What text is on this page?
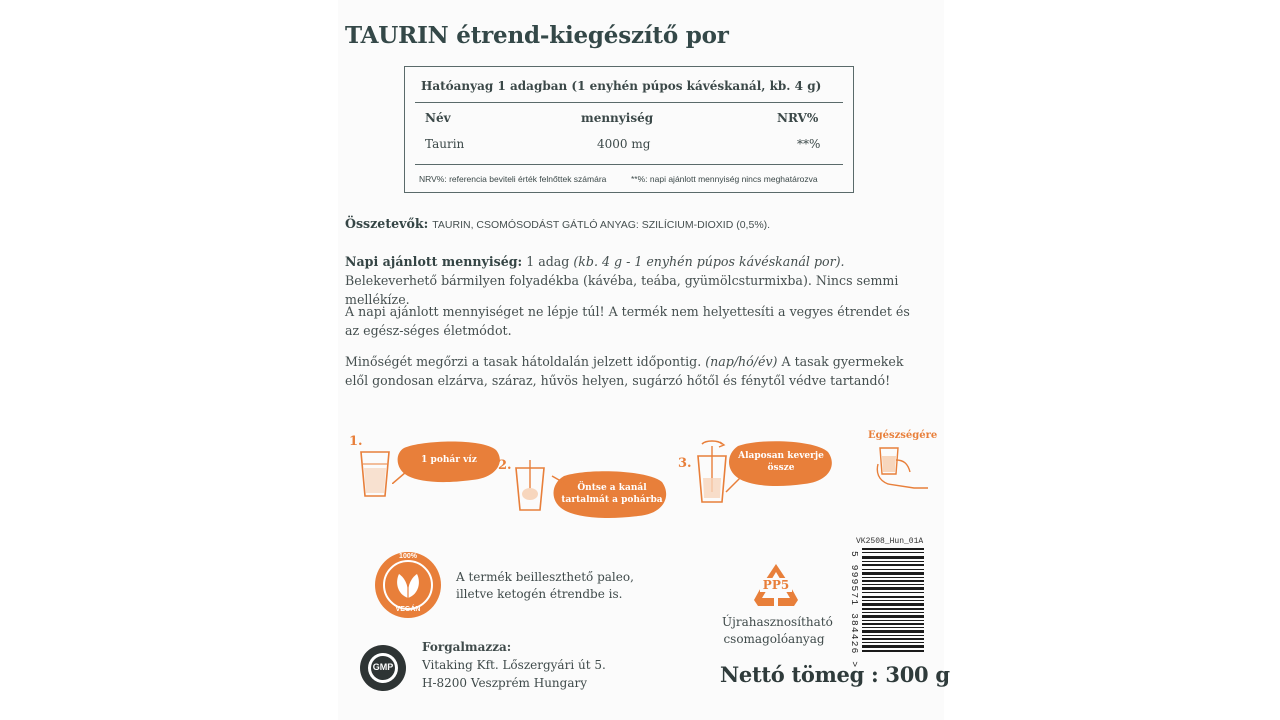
TAURIN étrend-kiegészítő por
Hatóanyag 1 adagban (1 enyhén púpos kávéskanál, kb. 4 g)
Név	mennyiség	NRV%
Taurin	4000 mg	**%
NRV%: referencia beviteli érték felnőttek számára	**%: napi ajánlott mennyiség nincs meghatározva

Összetevők: TAURIN, CSOMÓSODÁST GÁTLÓ ANYAG: SZILÍCIUM-DIOXID (0,5%).

Napi ajánlott mennyiség: 1 adag (kb. 4 g - 1 enyhén púpos kávéskanál por). Belekeverhető bármilyen folyadékba (kávéba, teába, gyümölcsturmixba). Nincs semmi mellékíze.

A napi ajánlott mennyiséget ne lépje túl! A termék nem helyettesíti a vegyes étrendet és az egész-séges életmódot.

Minőségét megőrzi a tasak hátoldalán jelzett időpontig. (nap/hó/év) A tasak gyermekek elől gondosan elzárva, száraz, hűvös helyen, sugárzó hőtől és fénytől védve tartandó!

1.
1 pohár víz	2.
Öntse a kanál
tartalmát a pohárba
3.	Alaposan keverje
össze
Egészségére
100%
VEGÁN
A termék beilleszthető paleo,
illetve ketogén étrendbe is.
PP5
Újrahasznosítható
csomagolóanyag
VK2508_Hun_01A
5 999571 384426 >
GMP
Forgalmazza:
Vitaking Kft. Lőszergyári út 5.
H-8200 Veszprém Hungary	Nettó tömeg : 300 g
